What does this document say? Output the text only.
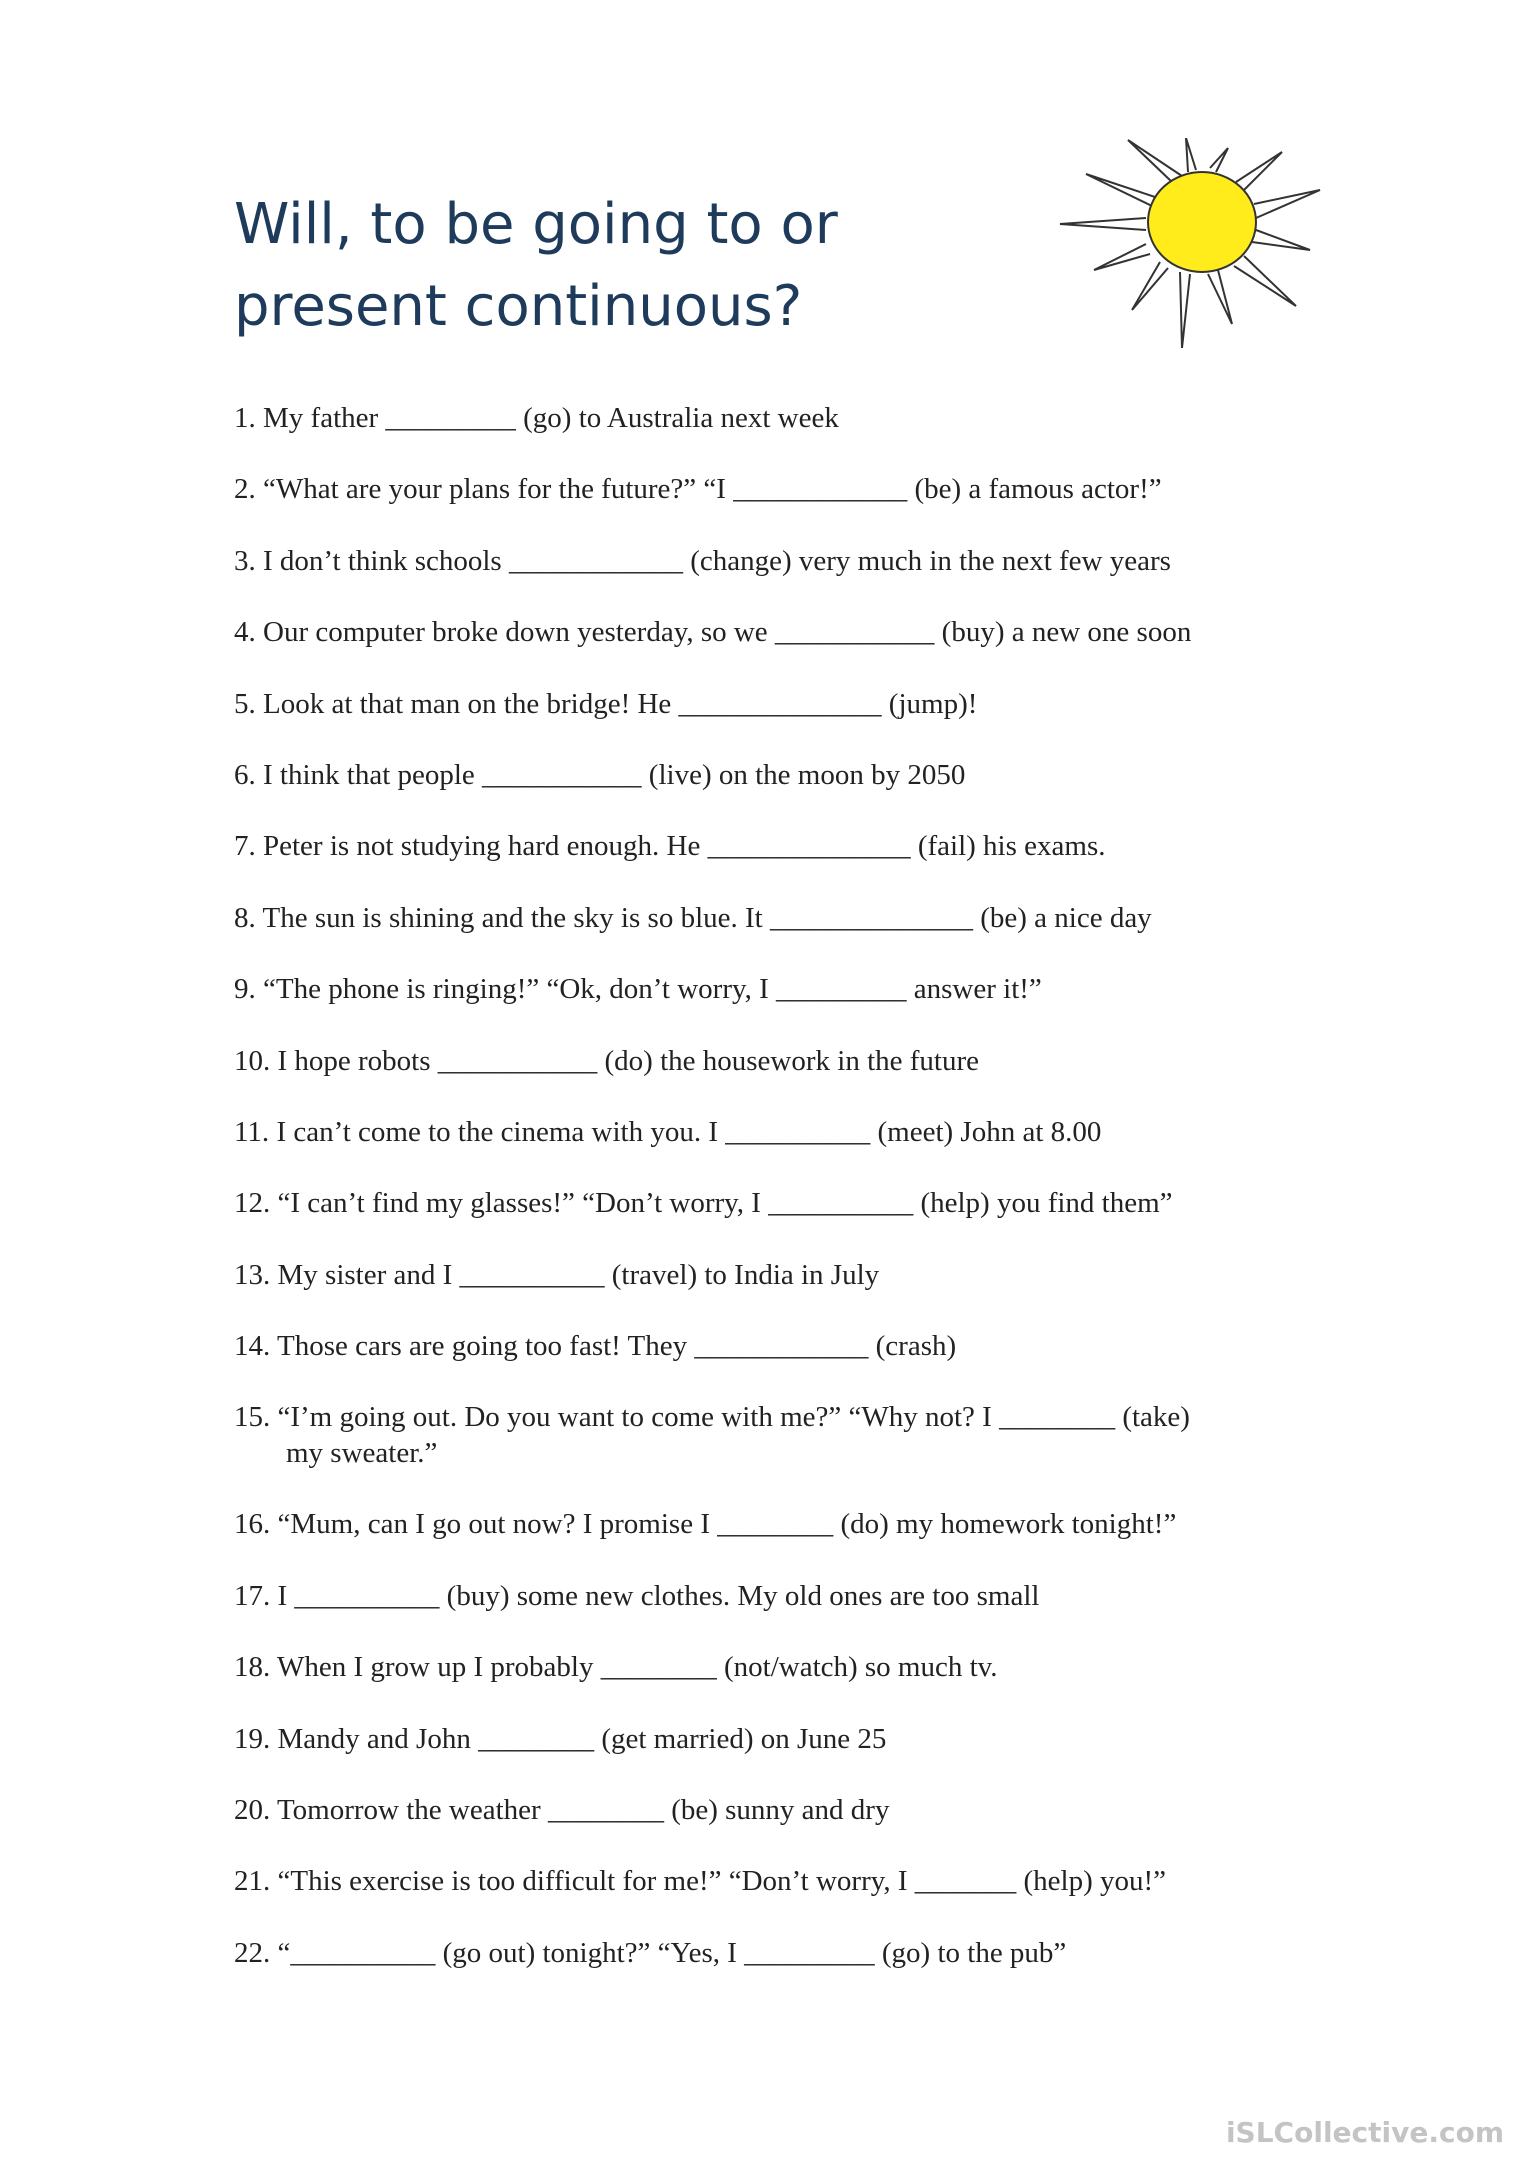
Will, to be going to or
present continuous?
1. My father _________ (go) to Australia next week
2. “What are your plans for the future?” “I ____________ (be) a famous actor!”
3. I don’t think schools ____________ (change) very much in the next few years
4. Our computer broke down yesterday, so we ___________ (buy) a new one soon
5. Look at that man on the bridge! He ______________ (jump)!
6. I think that people ___________ (live) on the moon by 2050
7. Peter is not studying hard enough. He ______________ (fail) his exams.
8. The sun is shining and the sky is so blue. It ______________ (be) a nice day
9. “The phone is ringing!” “Ok, don’t worry, I _________ answer it!”
10. I hope robots ___________ (do) the housework in the future
11. I can’t come to the cinema with you. I __________ (meet) John at 8.00
12. “I can’t find my glasses!” “Don’t worry, I __________ (help) you find them”
13. My sister and I __________ (travel) to India in July
14. Those cars are going too fast! They ____________ (crash)
15. “I’m going out. Do you want to come with me?” “Why not? I ________ (take)
my sweater.”
16. “Mum, can I go out now? I promise I ________ (do) my homework tonight!”
17. I __________ (buy) some new clothes. My old ones are too small
18. When I grow up I probably ________ (not/watch) so much tv.
19. Mandy and John ________ (get married) on June 25
20. Tomorrow the weather ________ (be) sunny and dry
21. “This exercise is too difficult for me!” “Don’t worry, I _______ (help) you!”
22. “__________ (go out) tonight?” “Yes, I _________ (go) to the pub”
iSLCollective.com
